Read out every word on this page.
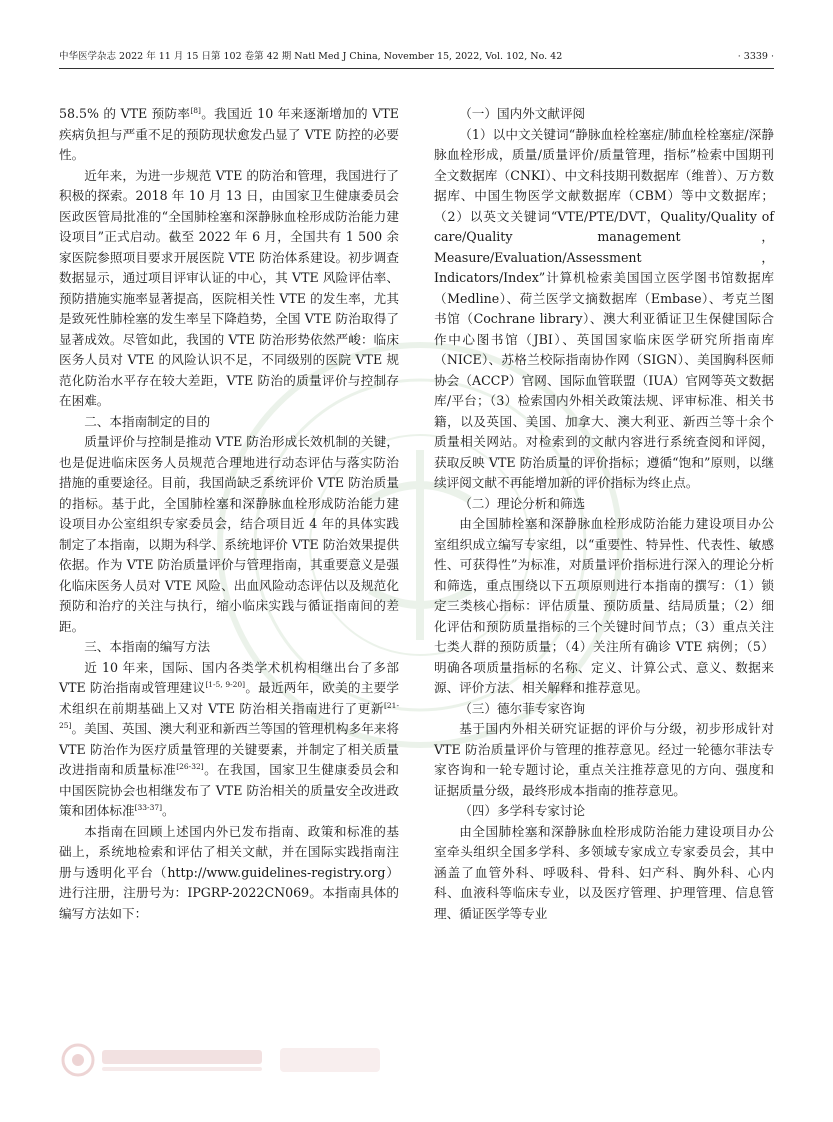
中华医学杂志 2022 年 11 月 15 日第 102 卷第 42 期 Natl Med J China, November 15, 2022, Vol. 102, No. 42	· 3339 ·

58.5% 的 VTE 预防率[8]。我国近 10 年来逐渐增加的 VTE 疾病负担与严重不足的预防现状愈发凸显了 VTE 防控的必要性。

近年来，为进一步规范 VTE 的防治和管理，我国进行了积极的探索。2018 年 10 月 13 日，由国家卫生健康委员会医政医管局批准的“全国肺栓塞和深静脉血栓形成防治能力建设项目”正式启动。截至 2022 年 6 月，全国共有 1 500 余家医院参照项目要求开展医院 VTE 防治体系建设。初步调查数据显示，通过项目评审认证的中心，其 VTE 风险评估率、预防措施实施率显著提高，医院相关性 VTE 的发生率，尤其是致死性肺栓塞的发生率呈下降趋势，全国 VTE 防治取得了显著成效。尽管如此，我国的 VTE 防治形势依然严峻：临床医务人员对 VTE 的风险认识不足，不同级别的医院 VTE 规范化防治水平存在较大差距，VTE 防治的质量评价与控制存在困难。

二、本指南制定的目的

质量评价与控制是推动 VTE 防治形成长效机制的关键，也是促进临床医务人员规范合理地进行动态评估与落实防治措施的重要途径。目前，我国尚缺乏系统评价 VTE 防治质量的指标。基于此，全国肺栓塞和深静脉血栓形成防治能力建设项目办公室组织专家委员会，结合项目近 4 年的具体实践制定了本指南，以期为科学、系统地评价 VTE 防治效果提供依据。作为 VTE 防治质量评价与管理指南，其重要意义是强化临床医务人员对 VTE 风险、出血风险动态评估以及规范化预防和治疗的关注与执行，缩小临床实践与循证指南间的差距。

三、本指南的编写方法

近 10 年来，国际、国内各类学术机构相继出台了多部 VTE 防治指南或管理建议[1-5, 9-20]。最近两年，欧美的主要学术组织在前期基础上又对 VTE 防治相关指南进行了更新[21-25]。美国、英国、澳大利亚和新西兰等国的管理机构多年来将 VTE 防治作为医疗质量管理的关键要素，并制定了相关质量改进指南和质量标准[26-32]。在我国，国家卫生健康委员会和中国医院协会也相继发布了 VTE 防治相关的质量安全改进政策和团体标准[33-37]。

本指南在回顾上述国内外已发布指南、政策和标准的基础上，系统地检索和评估了相关文献，并在国际实践指南注册与透明化平台（http://www.guidelines-registry.org）进行注册，注册号为：IPGRP-2022CN069。本指南具体的编写方法如下：

（一）国内外文献评阅

（1）以中文关键词“静脉血栓栓塞症/肺血栓栓塞症/深静脉血栓形成，质量/质量评价/质量管理，指标”检索中国期刊全文数据库（CNKI）、中文科技期刊数据库（维普）、万方数据库、中国生物医学文献数据库（CBM）等中文数据库；（2）以英文关键词“VTE/PTE/DVT，Quality/Quality of care/Quality management，Measure/Evaluation/Assessment，Indicators/Index”计算机检索美国国立医学图书馆数据库（Medline）、荷兰医学文摘数据库（Embase）、考克兰图书馆（Cochrane library）、澳大利亚循证卫生保健国际合作中心图书馆（JBI）、英国国家临床医学研究所指南库（NICE）、苏格兰校际指南协作网（SIGN）、美国胸科医师协会（ACCP）官网、国际血管联盟（IUA）官网等英文数据库/平台；（3）检索国内外相关政策法规、评审标准、相关书籍，以及英国、美国、加拿大、澳大利亚、新西兰等十余个质量相关网站。对检索到的文献内容进行系统查阅和评阅，获取反映 VTE 防治质量的评价指标；遵循“饱和”原则，以继续评阅文献不再能增加新的评价指标为终止点。

（二）理论分析和筛选

由全国肺栓塞和深静脉血栓形成防治能力建设项目办公室组织成立编写专家组，以“重要性、特异性、代表性、敏感性、可获得性”为标准，对质量评价指标进行深入的理论分析和筛选，重点围绕以下五项原则进行本指南的撰写：（1）锁定三类核心指标：评估质量、预防质量、结局质量；（2）细化评估和预防质量指标的三个关键时间节点；（3）重点关注七类人群的预防质量；（4）关注所有确诊 VTE 病例；（5）明确各项质量指标的名称、定义、计算公式、意义、数据来源、评价方法、相关解释和推荐意见。

（三）德尔菲专家咨询

基于国内外相关研究证据的评价与分级，初步形成针对 VTE 防治质量评价与管理的推荐意见。经过一轮德尔菲法专家咨询和一轮专题讨论，重点关注推荐意见的方向、强度和证据质量分级，最终形成本指南的推荐意见。

（四）多学科专家讨论

由全国肺栓塞和深静脉血栓形成防治能力建设项目办公室牵头组织全国多学科、多领域专家成立专家委员会，其中涵盖了血管外科、呼吸科、骨科、妇产科、胸外科、心内科、血液科等临床专业，以及医疗管理、护理管理、信息管理、循证医学等专业
